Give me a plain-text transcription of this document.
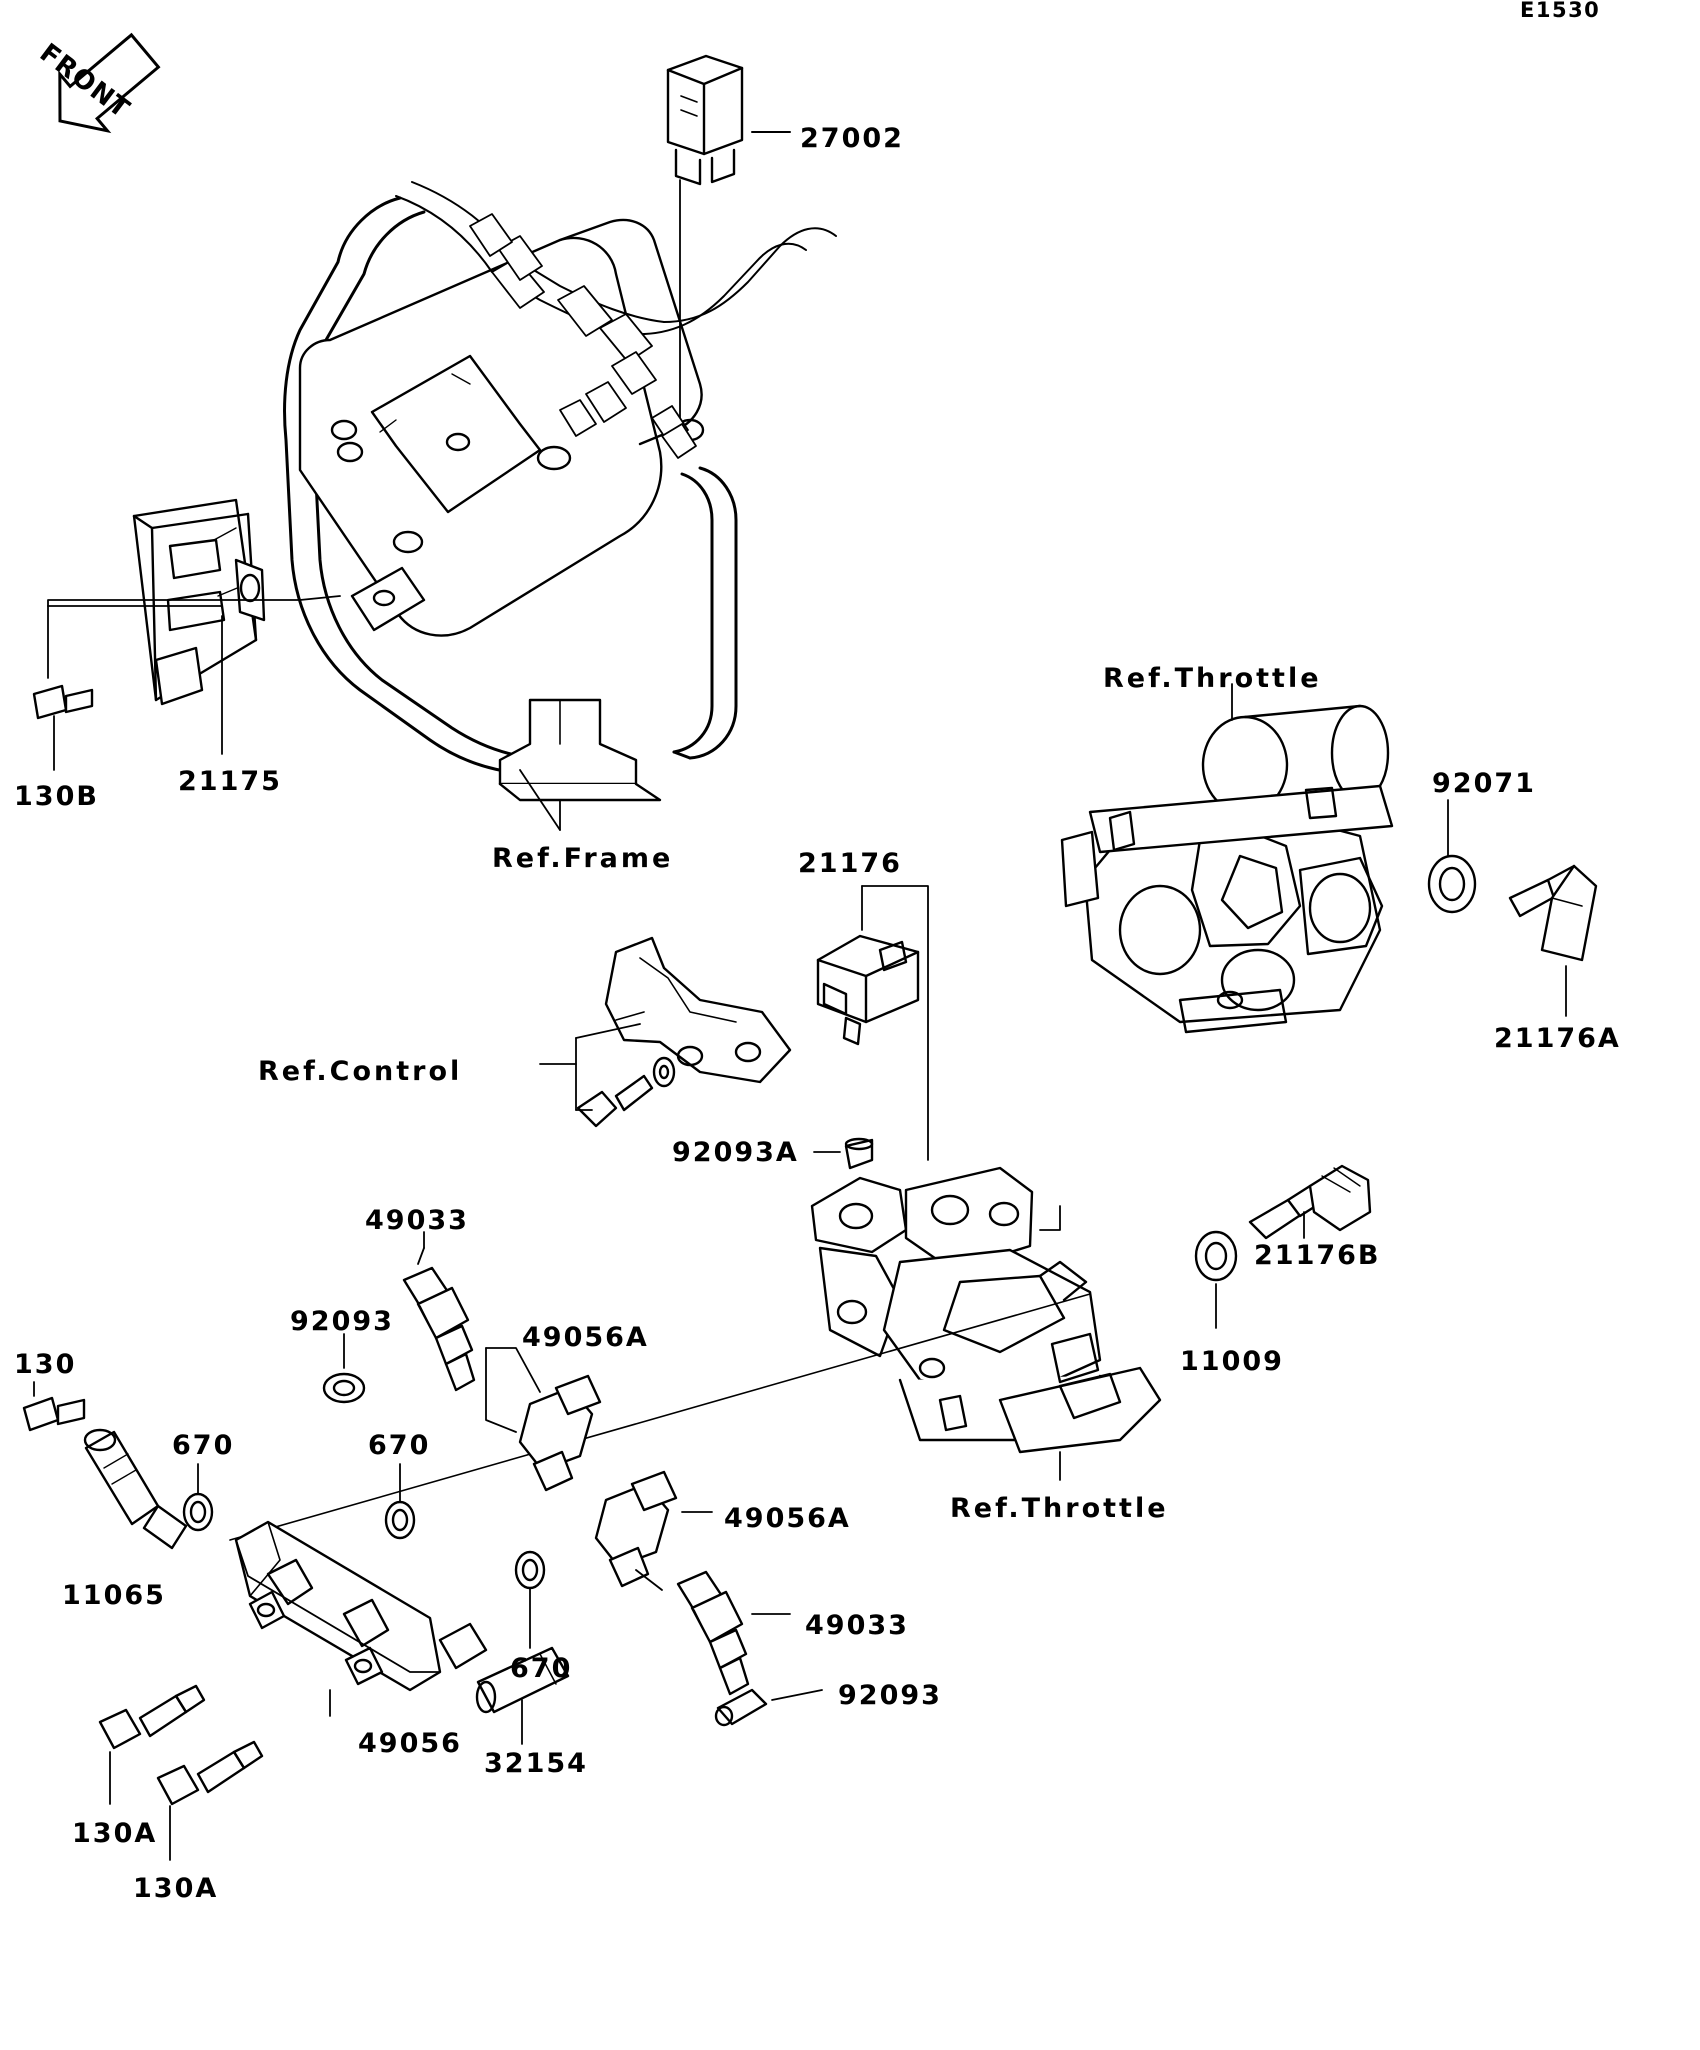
E1530
FRONT
27002
130B	21175
Ref.Frame	21176
Ref.Throttle
92071
21176A
Ref.Control
92093A
49033
92093
49056A
21176B
11009
130
670	670
11065
49056A	Ref.Throttle
49033
670
92093
49056
32154
130A
130A
